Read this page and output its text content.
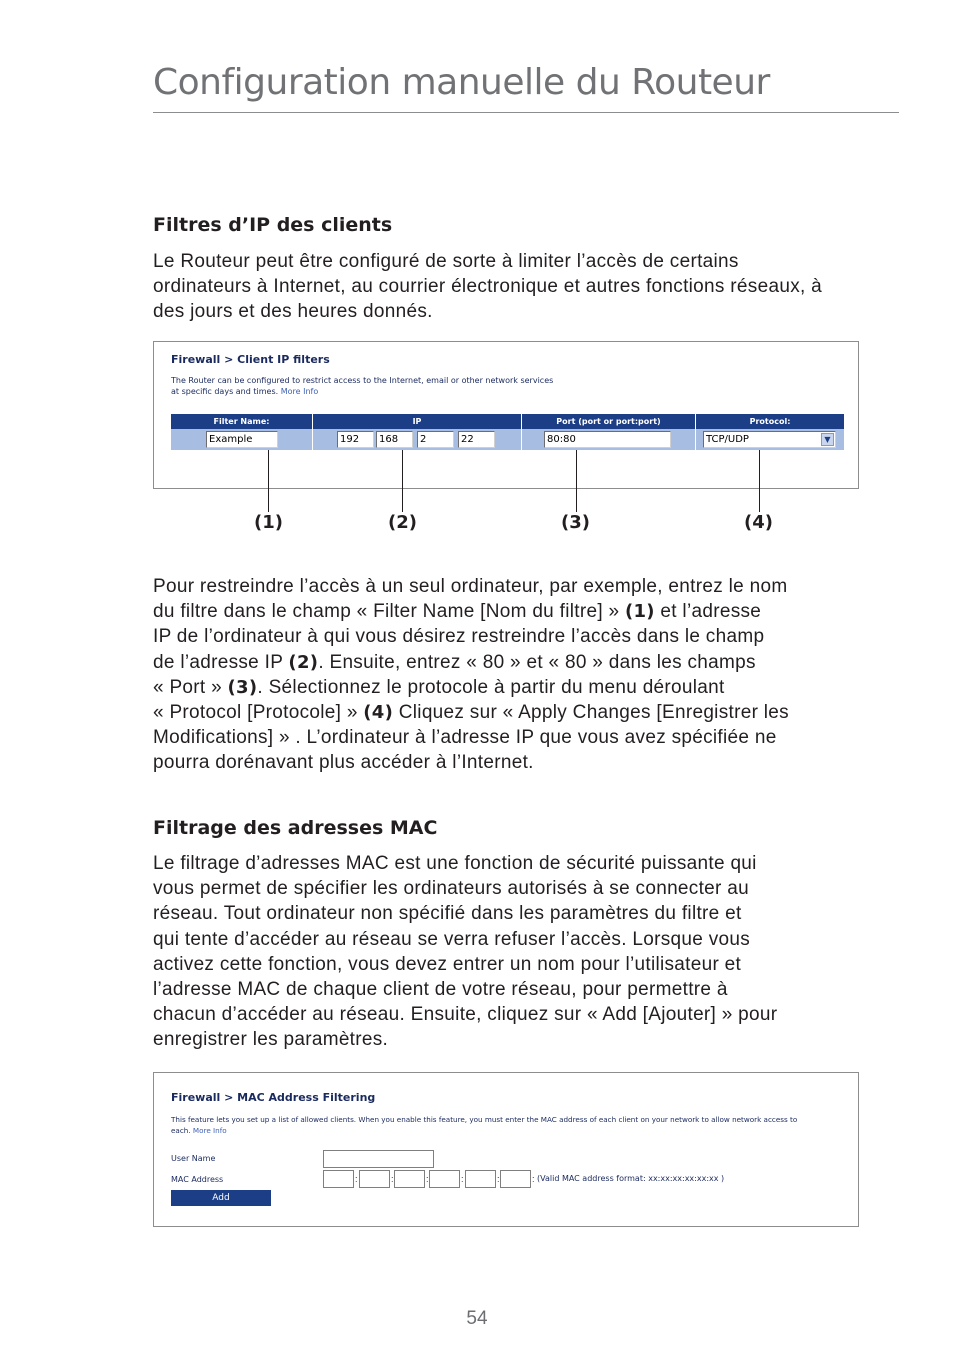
Configuration manuelle du Routeur
Filtres d’IP des clients

Le Routeur peut être configuré de sorte à limiter l’accès de certains
ordinateurs à Internet, au courrier électronique et autres fonctions réseaux, à
des jours et des heures donnés.

Firewall > Client IP filters
The Router can be configured to restrict access to the Internet, email or other network services
at specific days and times. More Info
Filter Name:	IP	Port (port or port:port)	Protocol:
Example	192	168	2	22	80:80	TCP/UDP	▼
(1)	(2)	(3)	(4)

Pour restreindre l’accès à un seul ordinateur, par exemple, entrez le nom
du filtre dans le champ « Filter Name [Nom du filtre] » (1) et l’adresse
IP de l’ordinateur à qui vous désirez restreindre l’accès dans le champ
de l’adresse IP (2). Ensuite, entrez « 80 » et « 80 » dans les champs
« Port » (3). Sélectionnez le protocole à partir du menu déroulant
« Protocol [Protocole] » (4) Cliquez sur « Apply Changes [Enregistrer les
Modifications] » . L’ordinateur à l’adresse IP que vous avez spécifiée ne
pourra dorénavant plus accéder à l’Internet.

Filtrage des adresses MAC

Le filtrage d’adresses MAC est une fonction de sécurité puissante qui
vous permet de spécifier les ordinateurs autorisés à se connecter au
réseau. Tout ordinateur non spécifié dans les paramètres du filtre et
qui tente d’accéder au réseau se verra refuser l’accès. Lorsque vous
activez cette fonction, vous devez entrer un nom pour l’utilisateur et
l’adresse MAC de chaque client de votre réseau, pour permettre à
chacun d’accéder au réseau. Ensuite, cliquez sur « Add [Ajouter] » pour
enregistrer les paramètres.

Firewall > MAC Address Filtering
This feature lets you set up a list of allowed clients. When you enable this feature, you must enter the MAC address of each client on your network to allow network access to
each. More Info
User Name
MAC Address	:	:	:	:	:	: (Valid MAC address format: xx:xx:xx:xx:xx:xx )
Add
54
